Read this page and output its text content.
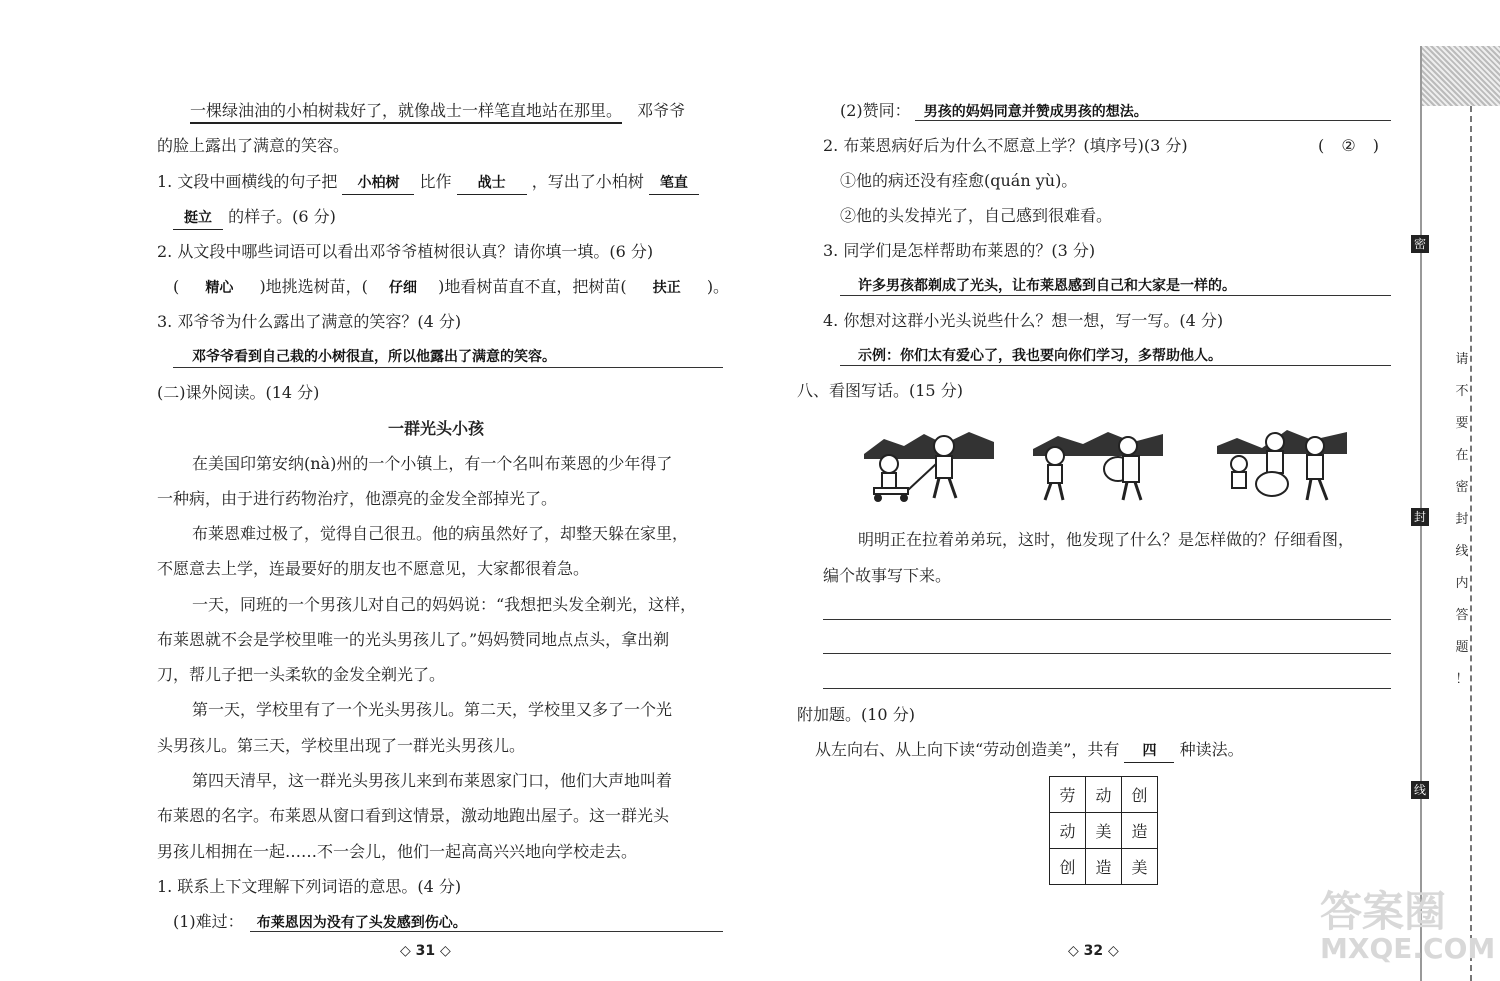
一棵绿油油的小柏树栽好了，就像战士一样笔直地站在那里。 邓爷爷
的脸上露出了满意的笑容。
1. 文段中画横线的句子把 小柏树 比作 战士 ，写出了小柏树 笔直
挺立 的样子。(6 分)
2. 从文段中哪些词语可以看出邓爷爷植树很认真？请你填一填。(6 分)
( 精心 )地挑选树苗，( 仔细 )地看树苗直不直，把树苗( 扶正 )。
3. 邓爷爷为什么露出了满意的笑容？(4 分)
邓爷爷看到自己栽的小树很直，所以他露出了满意的笑容。
(二)课外阅读。(14 分)
一群光头小孩
在美国印第安纳(nà)州的一个小镇上，有一个名叫布莱恩的少年得了
一种病，由于进行药物治疗，他漂亮的金发全部掉光了。
布莱恩难过极了，觉得自己很丑。他的病虽然好了，却整天躲在家里，
不愿意去上学，连最要好的朋友也不愿意见，大家都很着急。
一天，同班的一个男孩儿对自己的妈妈说：“我想把头发全剃光，这样，
布莱恩就不会是学校里唯一的光头男孩儿了。”妈妈赞同地点点头，拿出剃
刀，帮儿子把一头柔软的金发全剃光了。
第一天，学校里有了一个光头男孩儿。第二天，学校里又多了一个光
头男孩儿。第三天，学校里出现了一群光头男孩儿。
第四天清早，这一群光头男孩儿来到布莱恩家门口，他们大声地叫着
布莱恩的名字。布莱恩从窗口看到这情景，激动地跑出屋子。这一群光头
男孩儿相拥在一起……不一会儿，他们一起高高兴兴地向学校走去。
1. 联系上下文理解下列词语的意思。(4 分)
(1)难过： 布莱恩因为没有了头发感到伤心。
◇ 31 ◇
(2)赞同： 男孩的妈妈同意并赞成男孩的想法。
2. 布莱恩病好后为什么不愿意上学？(填序号)(3 分)	( ② )
①他的病还没有痊愈(quán yù)。
②他的头发掉光了，自己感到很难看。
3. 同学们是怎样帮助布莱恩的？(3 分)
许多男孩都剃成了光头，让布莱恩感到自己和大家是一样的。
4. 你想对这群小光头说些什么？想一想，写一写。(4 分)
示例：你们太有爱心了，我也要向你们学习，多帮助他人。
八、看图写话。(15 分)
明明正在拉着弟弟玩，这时，他发现了什么？是怎样做的？仔细看图，
编个故事写下来。
附加题。(10 分)
从左向右、从上向下读“劳动创造美”，共有 四 种读法。
劳	动	创
动	美	造
创	造	美
◇ 32 ◇
密
封
线
请
不
要
在
密
封
线
内
答
题
！
答案圈
MXQE.COM
